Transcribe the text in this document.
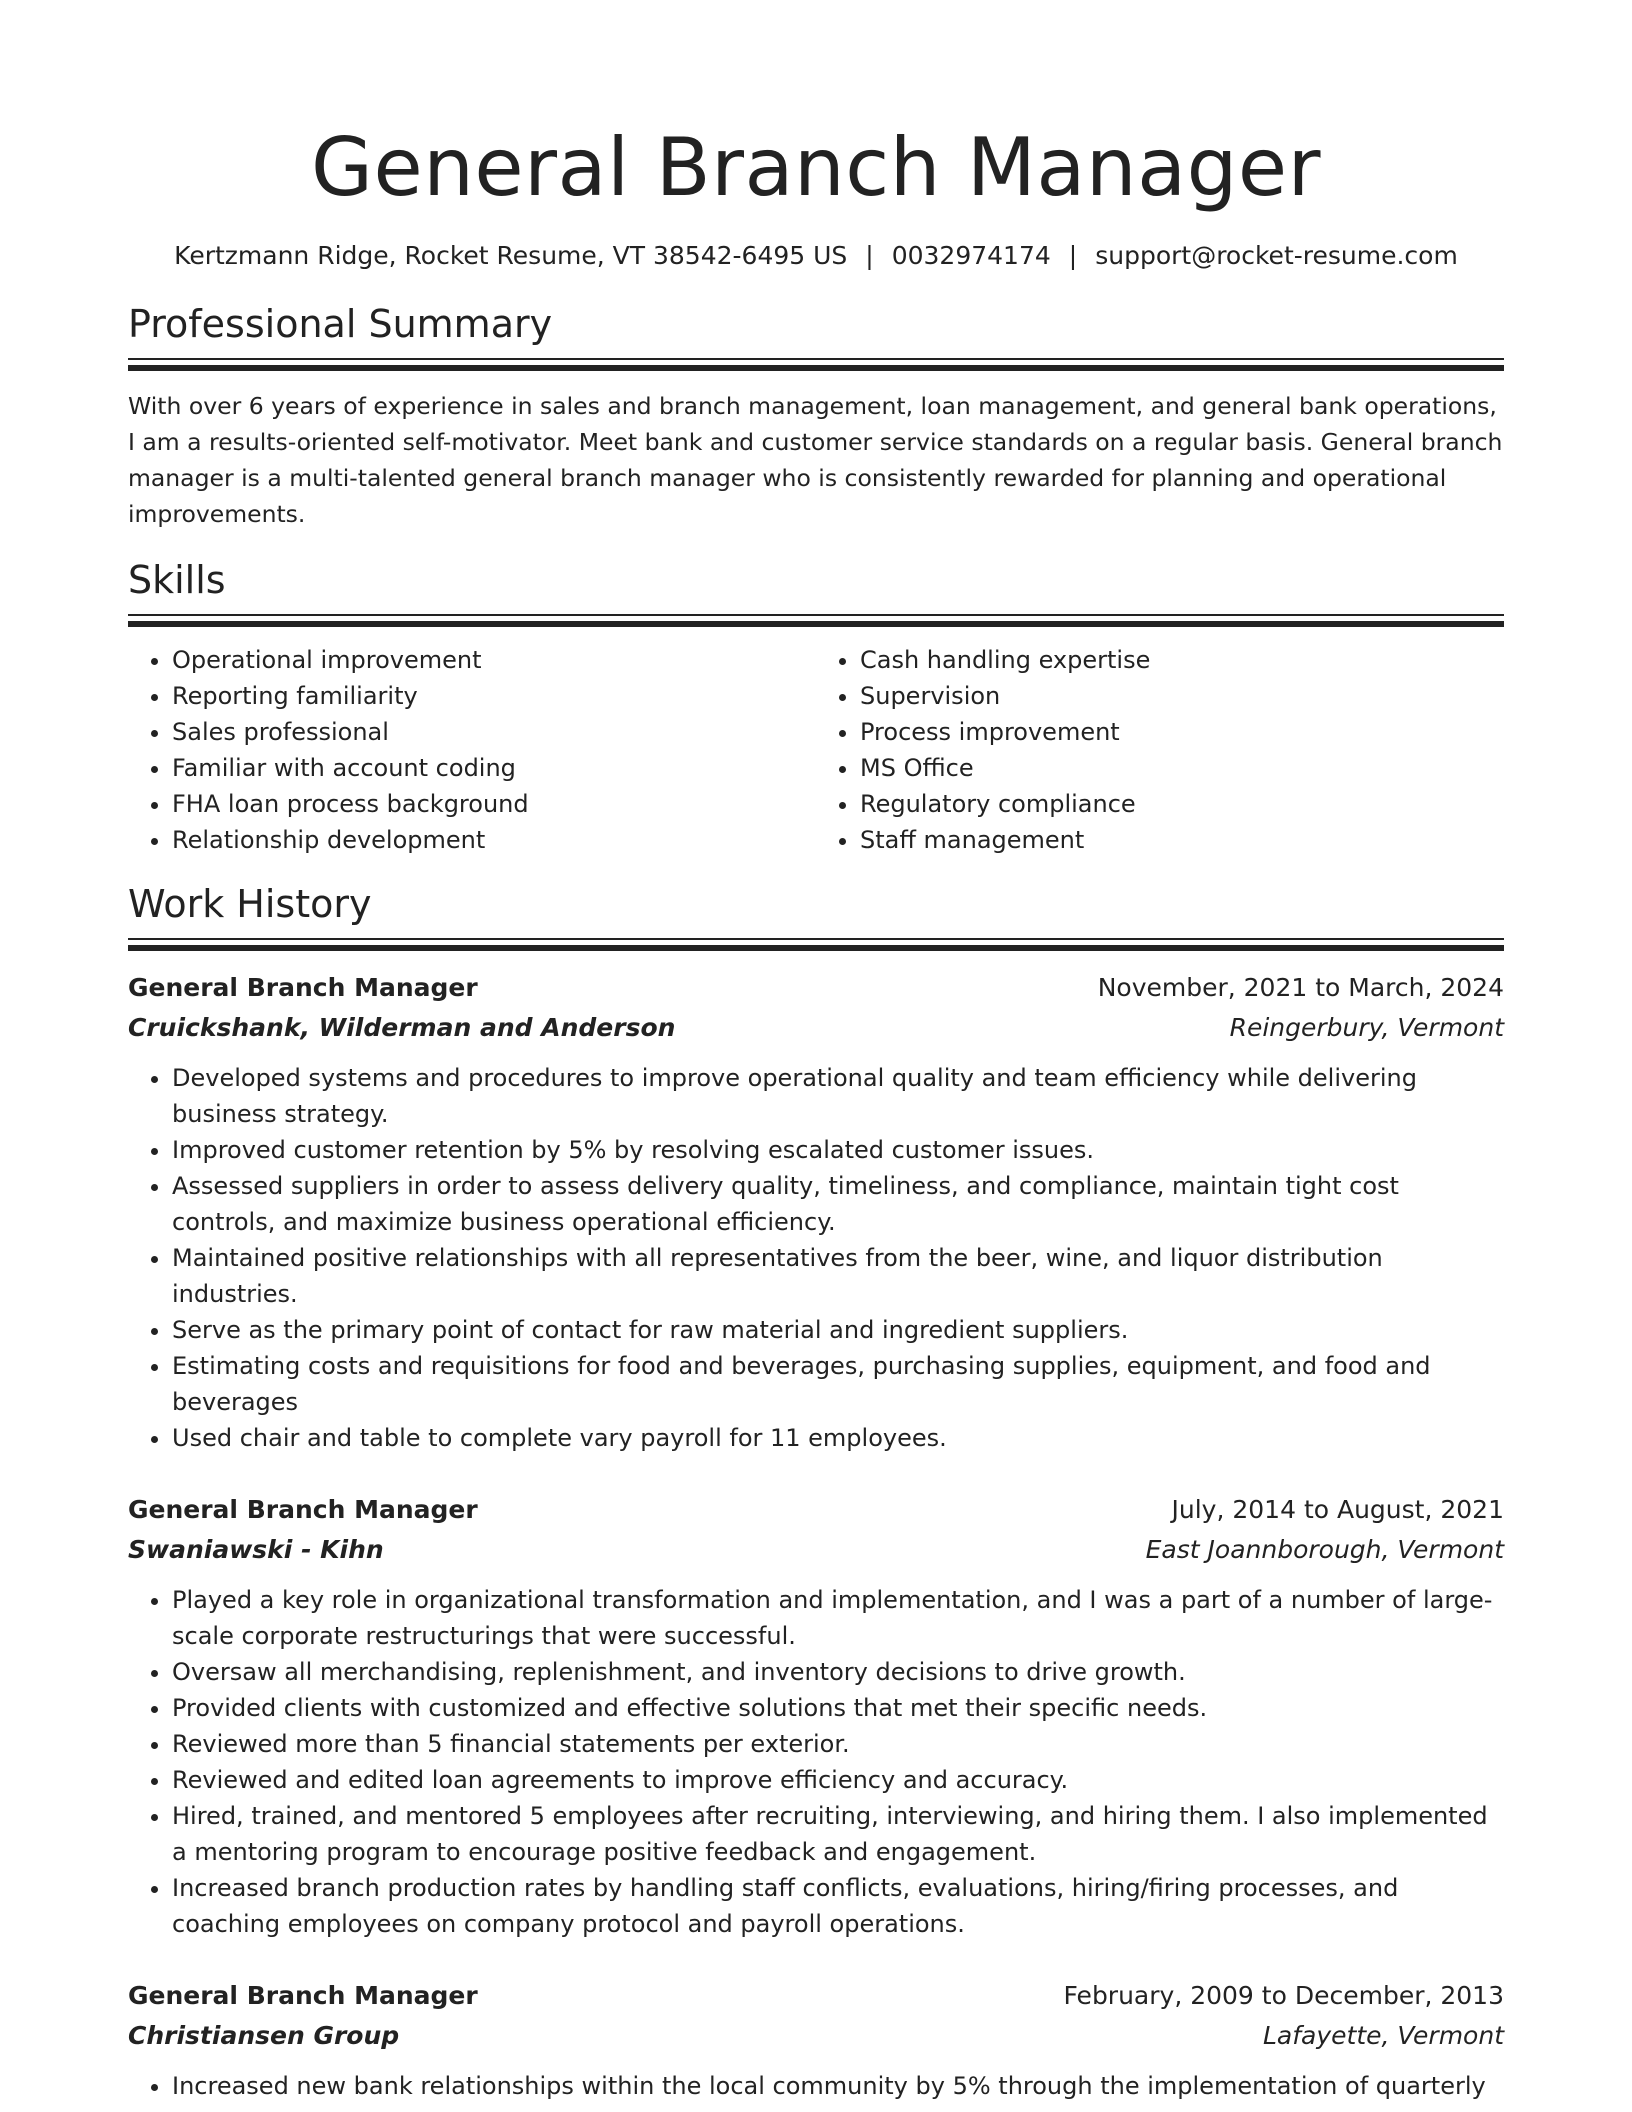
General Branch Manager
Kertzmann Ridge, Rocket Resume, VT 38542-6495 US | 0032974174 | support@rocket-resume.com
Professional Summary

With over 6 years of experience in sales and branch management, loan management, and general bank operations, I am a results-oriented self-motivator. Meet bank and customer service standards on a regular basis. General branch manager is a multi-talented general branch manager who is consistently rewarded for planning and operational improvements.

Skills
• Operational improvement
• Reporting familiarity
• Sales professional
• Familiar with account coding
• FHA loan process background
• Relationship development
• Cash handling expertise
• Supervision
• Process improvement
• MS Office
• Regulatory compliance
• Staff management
Work History
General Branch Manager	November, 2021 to March, 2024
Cruickshank, Wilderman and Anderson	Reingerbury, Vermont
• Developed systems and procedures to improve operational quality and team efficiency while delivering business strategy.
• Improved customer retention by 5% by resolving escalated customer issues.
• Assessed suppliers in order to assess delivery quality, timeliness, and compliance, maintain tight cost controls, and maximize business operational efficiency.
• Maintained positive relationships with all representatives from the beer, wine, and liquor distribution industries.
• Serve as the primary point of contact for raw material and ingredient suppliers.
• Estimating costs and requisitions for food and beverages, purchasing supplies, equipment, and food and beverages
• Used chair and table to complete vary payroll for 11 employees.
General Branch Manager	July, 2014 to August, 2021
Swaniawski - Kihn	East Joannborough, Vermont
• Played a key role in organizational transformation and implementation, and I was a part of a number of large-scale corporate restructurings that were successful.
• Oversaw all merchandising, replenishment, and inventory decisions to drive growth.
• Provided clients with customized and effective solutions that met their specific needs.
• Reviewed more than 5 financial statements per exterior.
• Reviewed and edited loan agreements to improve efficiency and accuracy.
• Hired, trained, and mentored 5 employees after recruiting, interviewing, and hiring them. I also implemented a mentoring program to encourage positive feedback and engagement.
• Increased branch production rates by handling staff conflicts, evaluations, hiring/firing processes, and coaching employees on company protocol and payroll operations.
General Branch Manager	February, 2009 to December, 2013
Christiansen Group	Lafayette, Vermont
• Increased new bank relationships within the local community by 5% through the implementation of quarterly
